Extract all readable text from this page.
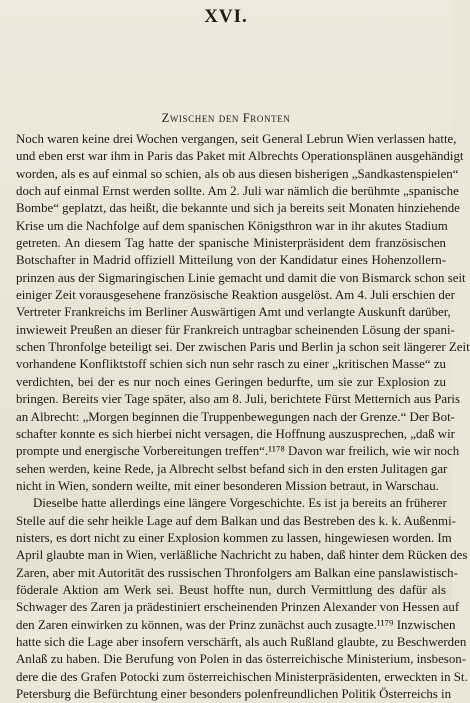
XVI.
Zwischen den Fronten
Noch waren keine drei Wochen vergangen, seit General Lebrun Wien verlassen hatte,
und eben erst war ihm in Paris das Paket mit Albrechts Operationsplänen ausgehändigt
worden, als es auf einmal so schien, als ob aus diesen bisherigen „Sandkastenspielen“
doch auf einmal Ernst werden sollte. Am 2. Juli war nämlich die berühmte „spanische
Bombe“ geplatzt, das heißt, die bekannte und sich ja bereits seit Monaten hinziehende
Krise um die Nachfolge auf dem spanischen Königsthron war in ihr akutes Stadium
getreten. An diesem Tag hatte der spanische Ministerpräsident dem französischen
Botschafter in Madrid offiziell Mitteilung von der Kandidatur eines Hohenzollern-
prinzen aus der Sigmaringischen Linie gemacht und damit die von Bismarck schon seit
einiger Zeit vorausgesehene französische Reaktion ausgelöst. Am 4. Juli erschien der
Vertreter Frankreichs im Berliner Auswärtigen Amt und verlangte Auskunft darüber,
inwieweit Preußen an dieser für Frankreich untragbar scheinenden Lösung der spani-
schen Thronfolge beteiligt sei. Der zwischen Paris und Berlin ja schon seit längerer Zeit
vorhandene Konfliktstoff schien sich nun sehr rasch zu einer „kritischen Masse“ zu
verdichten, bei der es nur noch eines Geringen bedurfte, um sie zur Explosion zu
bringen. Bereits vier Tage später, also am 8. Juli, berichtete Fürst Metternich aus Paris
an Albrecht: „Morgen beginnen die Truppenbewegungen nach der Grenze.“ Der Bot-
schafter konnte es sich hierbei nicht versagen, die Hoffnung auszusprechen, „daß wir
prompte und energische Vorbereitungen treffen“.¹¹⁷⁸ Davon war freilich, wie wir noch
sehen werden, keine Rede, ja Albrecht selbst befand sich in den ersten Julitagen gar
nicht in Wien, sondern weilte, mit einer besonderen Mission betraut, in Warschau.
Dieselbe hatte allerdings eine längere Vorgeschichte. Es ist ja bereits an früherer
Stelle auf die sehr heikle Lage auf dem Balkan und das Bestreben des k. k. Außenmi-
nisters, es dort nicht zu einer Explosion kommen zu lassen, hingewiesen worden. Im
April glaubte man in Wien, verläßliche Nachricht zu haben, daß hinter dem Rücken des
Zaren, aber mit Autorität des russischen Thronfolgers am Balkan eine panslawistisch-
föderale Aktion am Werk sei. Beust hoffte nun, durch Vermittlung des dafür als
Schwager des Zaren ja prädestiniert erscheinenden Prinzen Alexander von Hessen auf
den Zaren einwirken zu können, was der Prinz zunächst auch zusagte.¹¹⁷⁹ Inzwischen
hatte sich die Lage aber insofern verschärft, als auch Rußland glaubte, zu Beschwerden
Anlaß zu haben. Die Berufung von Polen in das österreichische Ministerium, insbeson-
dere die des Grafen Potocki zum österreichischen Ministerpräsidenten, erweckten in St.
Petersburg die Befürchtung einer besonders polenfreundlichen Politik Österreichs in
